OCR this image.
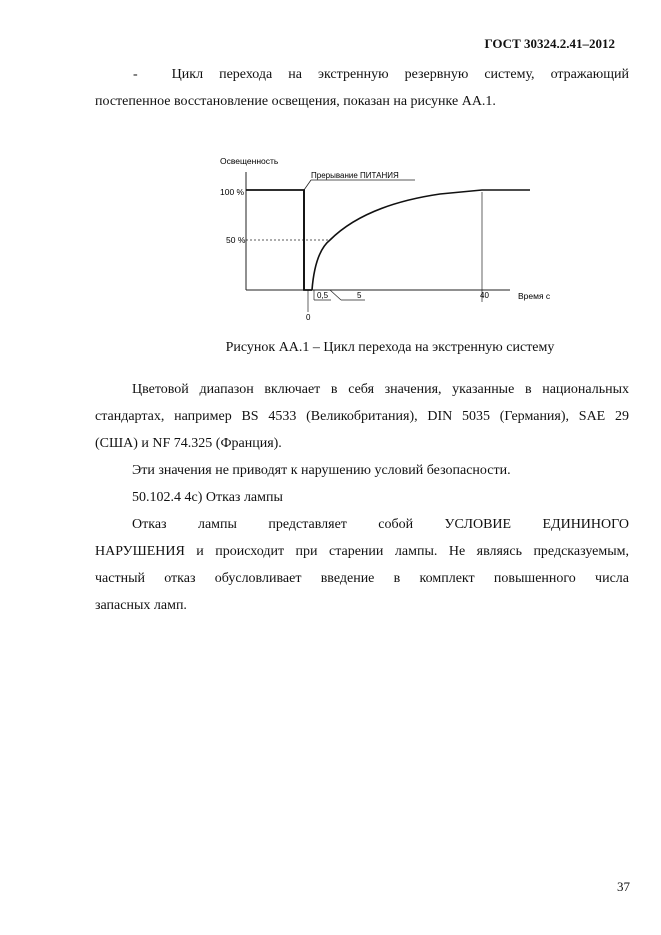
ГОСТ 30324.2.41–2012
- Цикл перехода на экстренную резервную систему, отражающий
постепенное восстановление освещения, показан на рисунке АА.1.
Освещенность
Прерывание ПИТАНИЯ
100 %
50 %
0
0,5	5	40	Время с
Рисунок АА.1 – Цикл перехода на экстренную систему
Цветовой диапазон включает в себя значения, указанные в национальных
стандартах, например BS 4533 (Великобритания), DIN 5035 (Германия), SAE 29
(США) и NF 74.325 (Франция).
Эти значения не приводят к нарушению условий безопасности.
50.102.4 4с) Отказ лампы
Отказ лампы представляет собой УСЛОВИЕ ЕДИНИНОГО
НАРУШЕНИЯ и происходит при старении лампы. Не являясь предсказуемым,
частный отказ обусловливает введение в комплект повышенного числа
запасных ламп.
37
